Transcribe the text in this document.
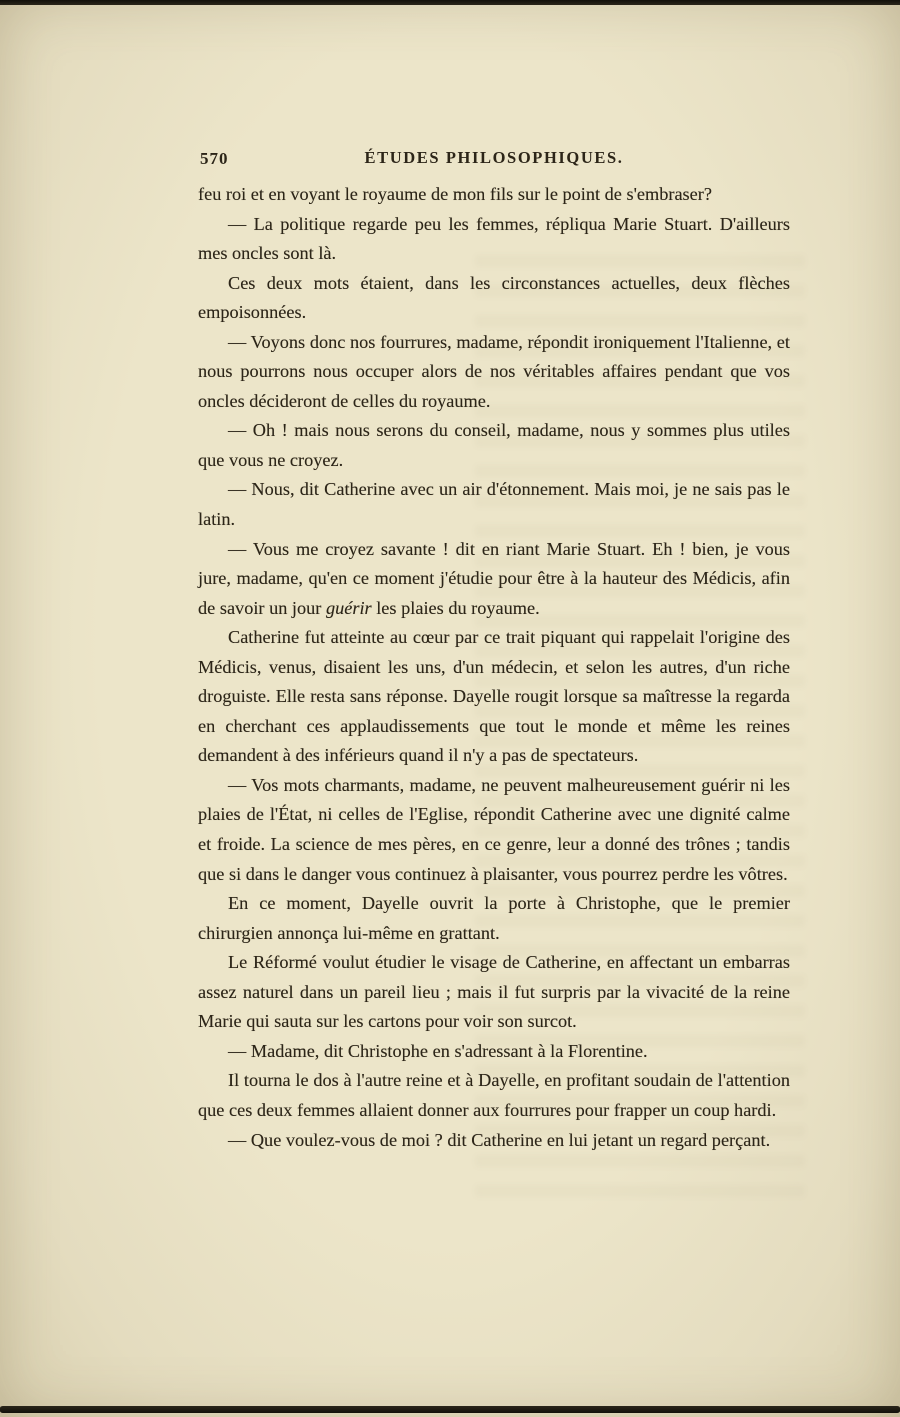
570	ÉTUDES PHILOSOPHIQUES.

feu roi et en voyant le royaume de mon fils sur le point de s'embraser?

— La politique regarde peu les femmes, répliqua Marie Stuart. D'ailleurs mes oncles sont là.

Ces deux mots étaient, dans les circonstances actuelles, deux flèches empoisonnées.

— Voyons donc nos fourrures, madame, répondit ironiquement l'Italienne, et nous pourrons nous occuper alors de nos véritables affaires pendant que vos oncles décideront de celles du royaume.

— Oh ! mais nous serons du conseil, madame, nous y sommes plus utiles que vous ne croyez.

— Nous, dit Catherine avec un air d'étonnement. Mais moi, je ne sais pas le latin.

— Vous me croyez savante ! dit en riant Marie Stuart. Eh ! bien, je vous jure, madame, qu'en ce moment j'étudie pour être à la hauteur des Médicis, afin de savoir un jour guérir les plaies du royaume.

Catherine fut atteinte au cœur par ce trait piquant qui rappelait l'origine des Médicis, venus, disaient les uns, d'un médecin, et selon les autres, d'un riche droguiste. Elle resta sans réponse. Dayelle rougit lorsque sa maîtresse la regarda en cherchant ces applaudissements que tout le monde et même les reines demandent à des inférieurs quand il n'y a pas de spectateurs.

— Vos mots charmants, madame, ne peuvent malheureusement guérir ni les plaies de l'État, ni celles de l'Eglise, répondit Catherine avec une dignité calme et froide. La science de mes pères, en ce genre, leur a donné des trônes ; tandis que si dans le danger vous continuez à plaisanter, vous pourrez perdre les vôtres.

En ce moment, Dayelle ouvrit la porte à Christophe, que le premier chirurgien annonça lui-même en grattant.

Le Réformé voulut étudier le visage de Catherine, en affectant un embarras assez naturel dans un pareil lieu ; mais il fut surpris par la vivacité de la reine Marie qui sauta sur les cartons pour voir son surcot.

— Madame, dit Christophe en s'adressant à la Florentine.

Il tourna le dos à l'autre reine et à Dayelle, en profitant soudain de l'attention que ces deux femmes allaient donner aux fourrures pour frapper un coup hardi.

— Que voulez-vous de moi ? dit Catherine en lui jetant un regard perçant.
